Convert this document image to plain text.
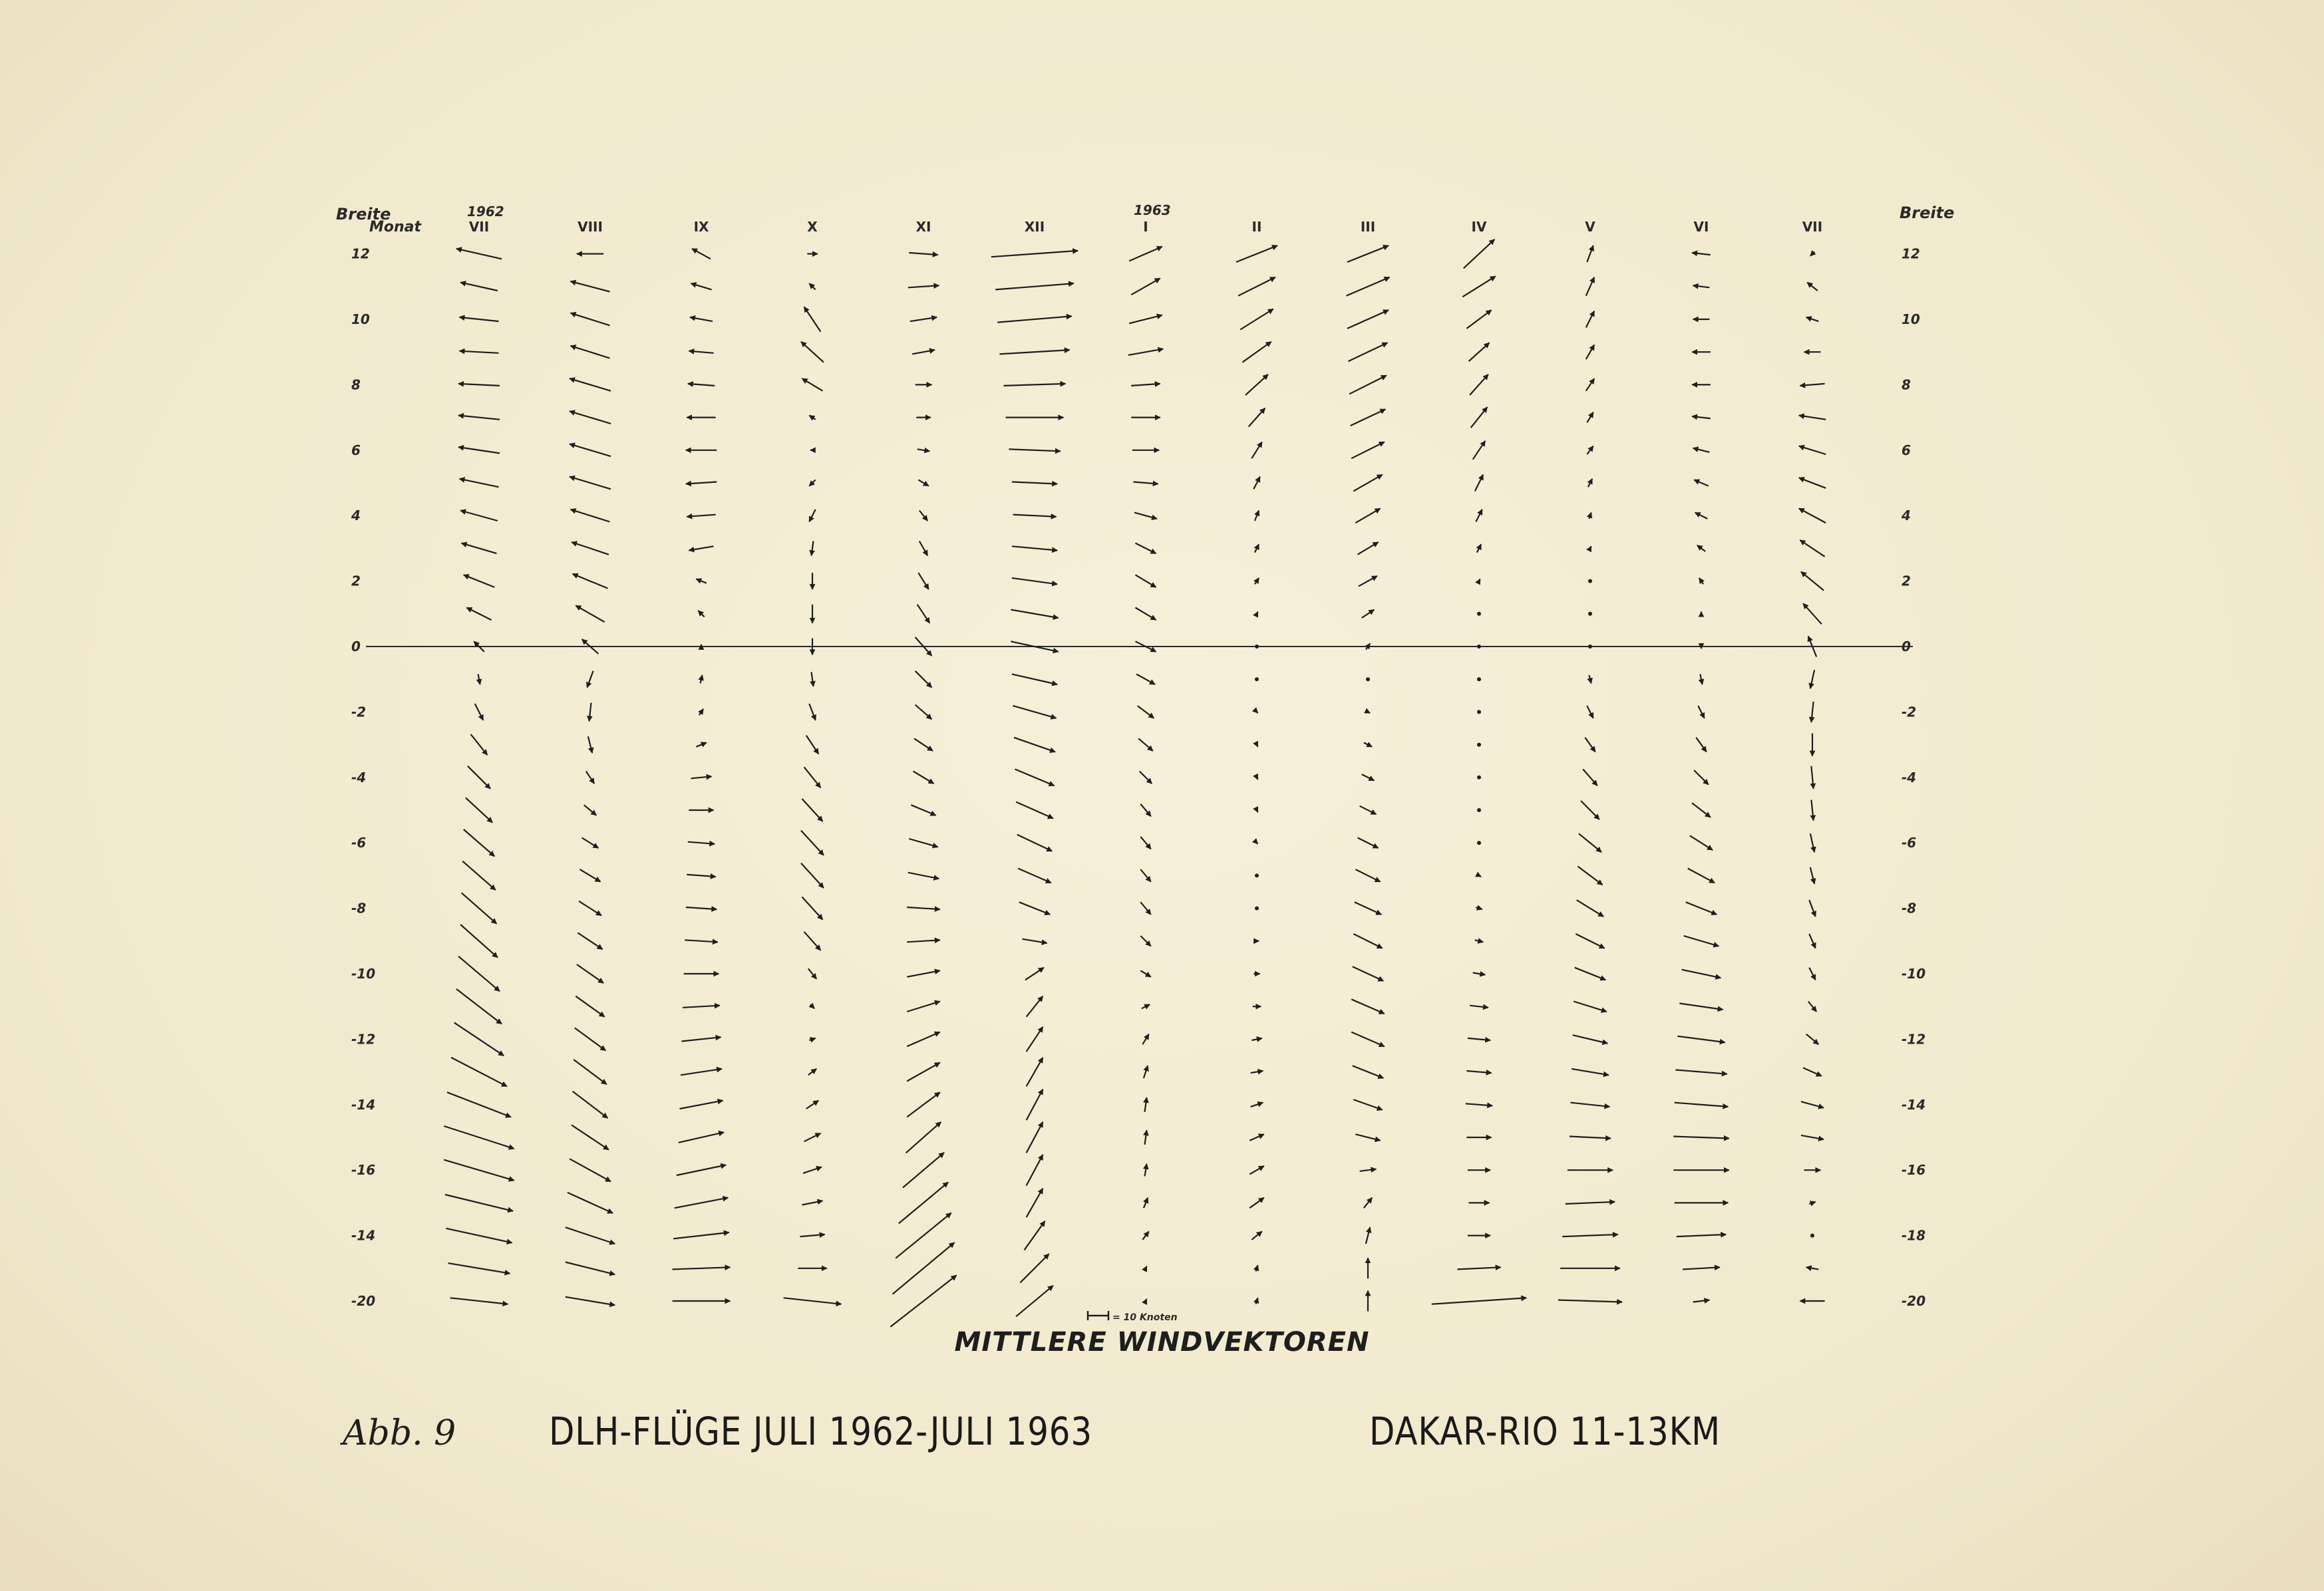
12	12
10	10
8	8
6	6
4	4
2	2
0	0
-2	-2
-4	-4
-6	-6
-8	-8
-10	-10
-12	-12
-14	-14
-16	-16
-14	-18
-20	-20
Breite
Monat
Breite
1962	1963
VII	VIII	IX	X	XI	XII	I	II	III	IV	V	VI	VII
= 10 Knoten
MITTLERE WINDVEKTOREN
Abb. 9 DLH-FLÜGE JULI 1962-JULI 1963	DAKAR-RIO 11-13KM
